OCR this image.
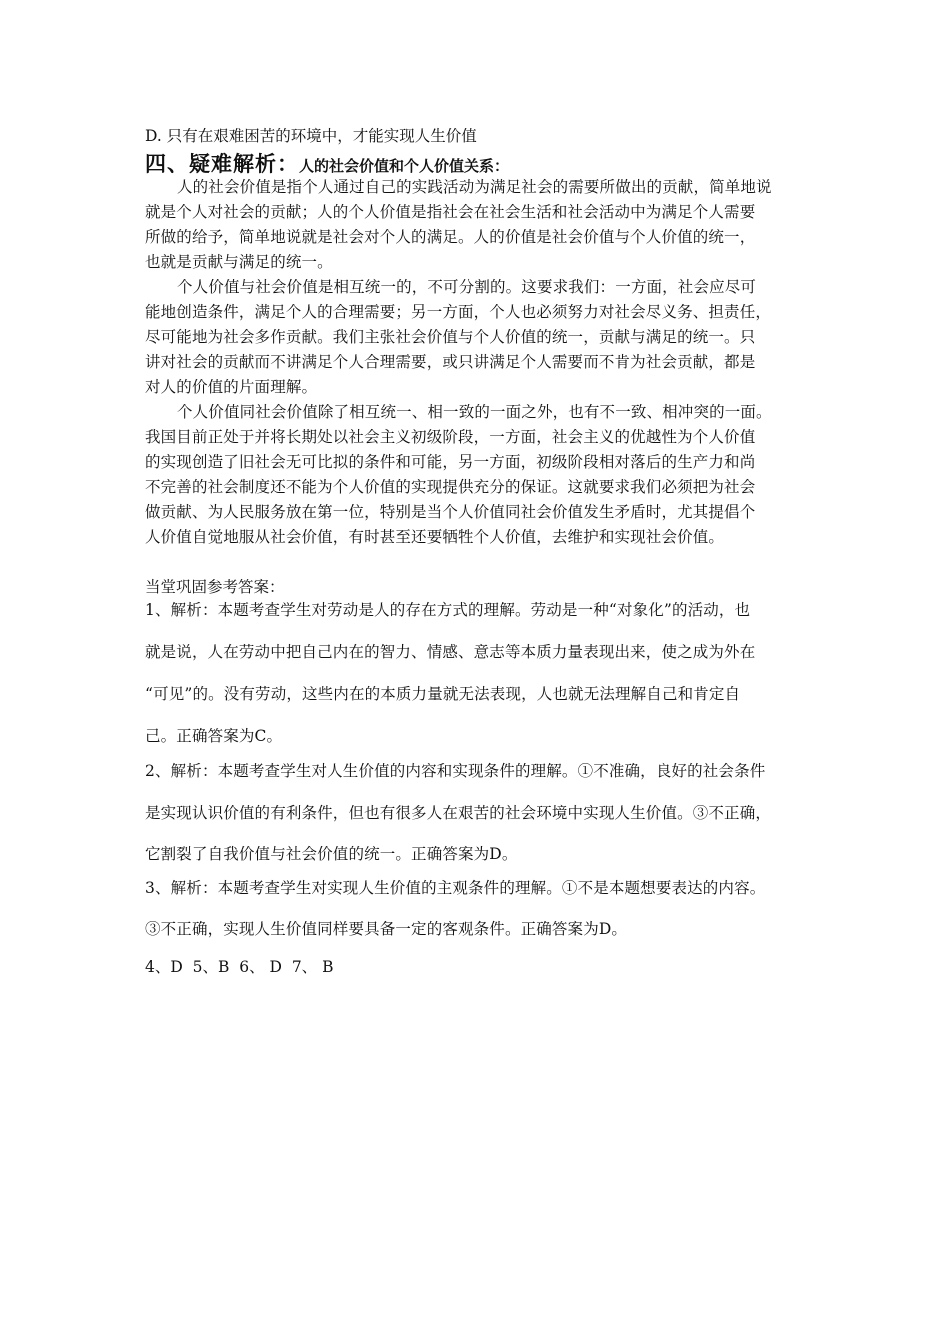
D. 只有在艰难困苦的环境中，才能实现人生价值
四、疑难解析：人的社会价值和个人价值关系：
人的社会价值是指个人通过自己的实践活动为满足社会的需要所做出的贡献，简单地说
就是个人对社会的贡献；人的个人价值是指社会在社会生活和社会活动中为满足个人需要
所做的给予，简单地说就是社会对个人的满足。人的价值是社会价值与个人价值的统一，
也就是贡献与满足的统一。
个人价值与社会价值是相互统一的，不可分割的。这要求我们：一方面，社会应尽可
能地创造条件，满足个人的合理需要；另一方面，个人也必须努力对社会尽义务、担责任，
尽可能地为社会多作贡献。我们主张社会价值与个人价值的统一，贡献与满足的统一。只
讲对社会的贡献而不讲满足个人合理需要，或只讲满足个人需要而不肯为社会贡献，都是
对人的价值的片面理解。
个人价值同社会价值除了相互统一、相一致的一面之外，也有不一致、相冲突的一面。
我国目前正处于并将长期处以社会主义初级阶段，一方面，社会主义的优越性为个人价值
的实现创造了旧社会无可比拟的条件和可能，另一方面，初级阶段相对落后的生产力和尚
不完善的社会制度还不能为个人价值的实现提供充分的保证。这就要求我们必须把为社会
做贡献、为人民服务放在第一位，特别是当个人价值同社会价值发生矛盾时，尤其提倡个
人价值自觉地服从社会价值，有时甚至还要牺牲个人价值，去维护和实现社会价值。
当堂巩固参考答案：
1、解析：本题考查学生对劳动是人的存在方式的理解。劳动是一种“对象化”的活动，也
就是说，人在劳动中把自己内在的智力、情感、意志等本质力量表现出来，使之成为外在
“可见”的。没有劳动，这些内在的本质力量就无法表现，人也就无法理解自己和肯定自
己。正确答案为C。
2、解析：本题考查学生对人生价值的内容和实现条件的理解。①不准确，良好的社会条件
是实现认识价值的有利条件，但也有很多人在艰苦的社会环境中实现人生价值。③不正确，
它割裂了自我价值与社会价值的统一。正确答案为D。
3、解析：本题考查学生对实现人生价值的主观条件的理解。①不是本题想要表达的内容。
③不正确，实现人生价值同样要具备一定的客观条件。正确答案为D。
4、D  5、B  6、 D  7、 B
